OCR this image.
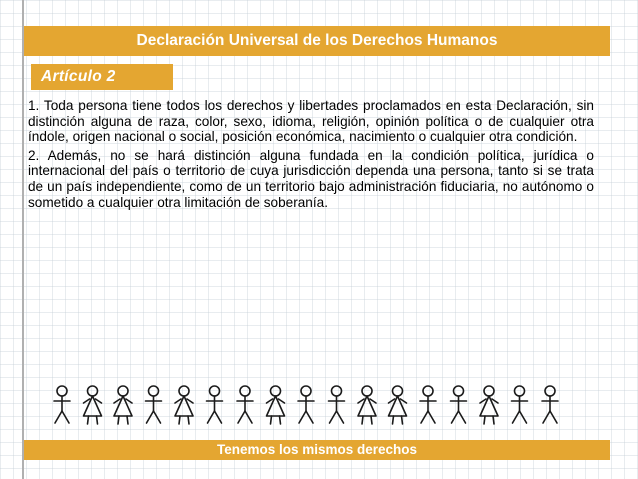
Declaración Universal de los Derechos Humanos
Artículo 2

1. Toda persona tiene todos los derechos y libertades proclamados en esta Declaración, sin distinción alguna de raza, color, sexo, idioma, religión, opinión política o de cualquier otra índole, origen nacional o social, posición económica, nacimiento o cualquier otra condición.

2. Además, no se hará distinción alguna fundada en la condición política, jurídica o internacional del país o territorio de cuya jurisdicción dependa una persona, tanto si se trata de un país independiente, como de un territorio bajo administración fiduciaria, no autónomo o sometido a cualquier otra limitación de soberanía.

Tenemos los mismos derechos
